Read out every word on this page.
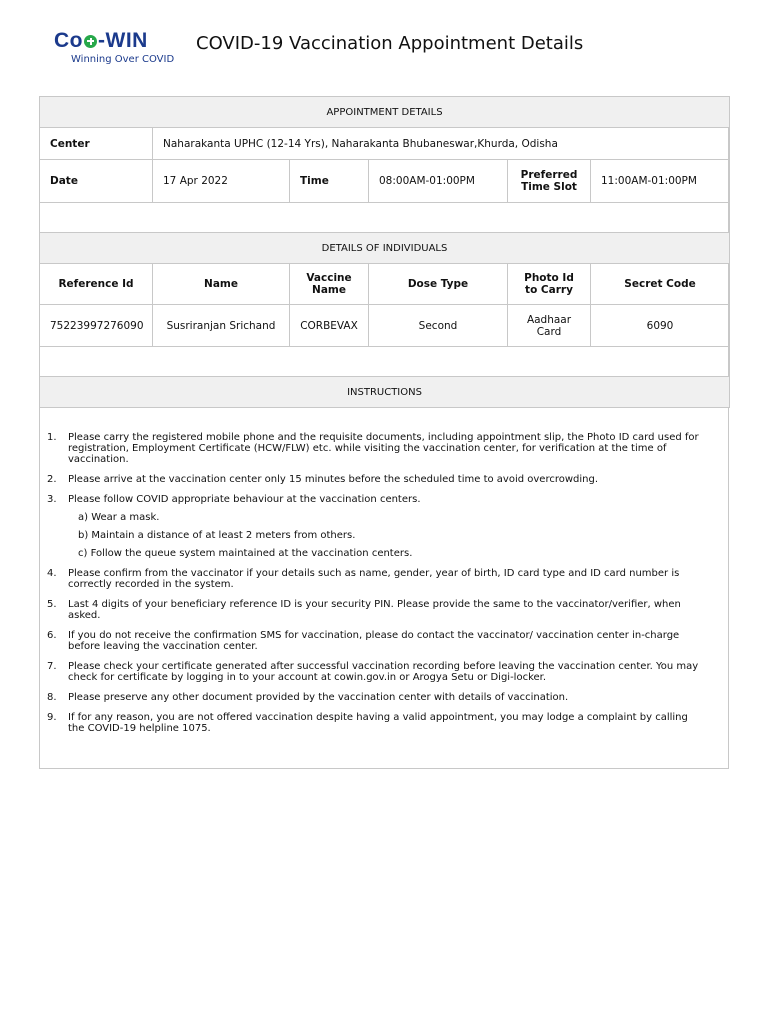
Co -WIN
Winning Over COVID
COVID-19 Vaccination Appointment Details
APPOINTMENT DETAILS					
Center	Naharakanta UPHC (12-14 Yrs), Naharakanta Bhubaneswar,Khurda, Odisha				
Date	17 Apr 2022	Time	08:00AM-01:00PM	Preferred Time Slot	11:00AM-01:00PM

DETAILS OF INDIVIDUALS					
Reference Id	Name	Vaccine Name	Dose Type	Photo Id to Carry	Secret Code
75223997276090	Susriranjan Srichand	CORBEVAX	Second	Aadhaar Card	6090

INSTRUCTIONS					
1. Please carry the registered mobile phone and the requisite documents, including appointment slip, the Photo ID card used for registration, Employment Certificate (HCW/FLW) etc. while visiting the vaccination center, for verification at the time of vaccination.
2. Please arrive at the vaccination center only 15 minutes before the scheduled time to avoid overcrowding.
3. Please follow COVID appropriate behaviour at the vaccination centers.
a) Wear a mask.
b) Maintain a distance of at least 2 meters from others.
c) Follow the queue system maintained at the vaccination centers.
4. Please confirm from the vaccinator if your details such as name, gender, year of birth, ID card type and ID card number is correctly recorded in the system.
5. Last 4 digits of your beneficiary reference ID is your security PIN. Please provide the same to the vaccinator/verifier, when asked.
6. If you do not receive the confirmation SMS for vaccination, please do contact the vaccinator/ vaccination center in-charge before leaving the vaccination center.
7. Please check your certificate generated after successful vaccination recording before leaving the vaccination center. You may check for certificate by logging in to your account at cowin.gov.in or Arogya Setu or Digi-locker.
8. Please preserve any other document provided by the vaccination center with details of vaccination.
9. If for any reason, you are not offered vaccination despite having a valid appointment, you may lodge a complaint by calling the COVID-19 helpline 1075.
